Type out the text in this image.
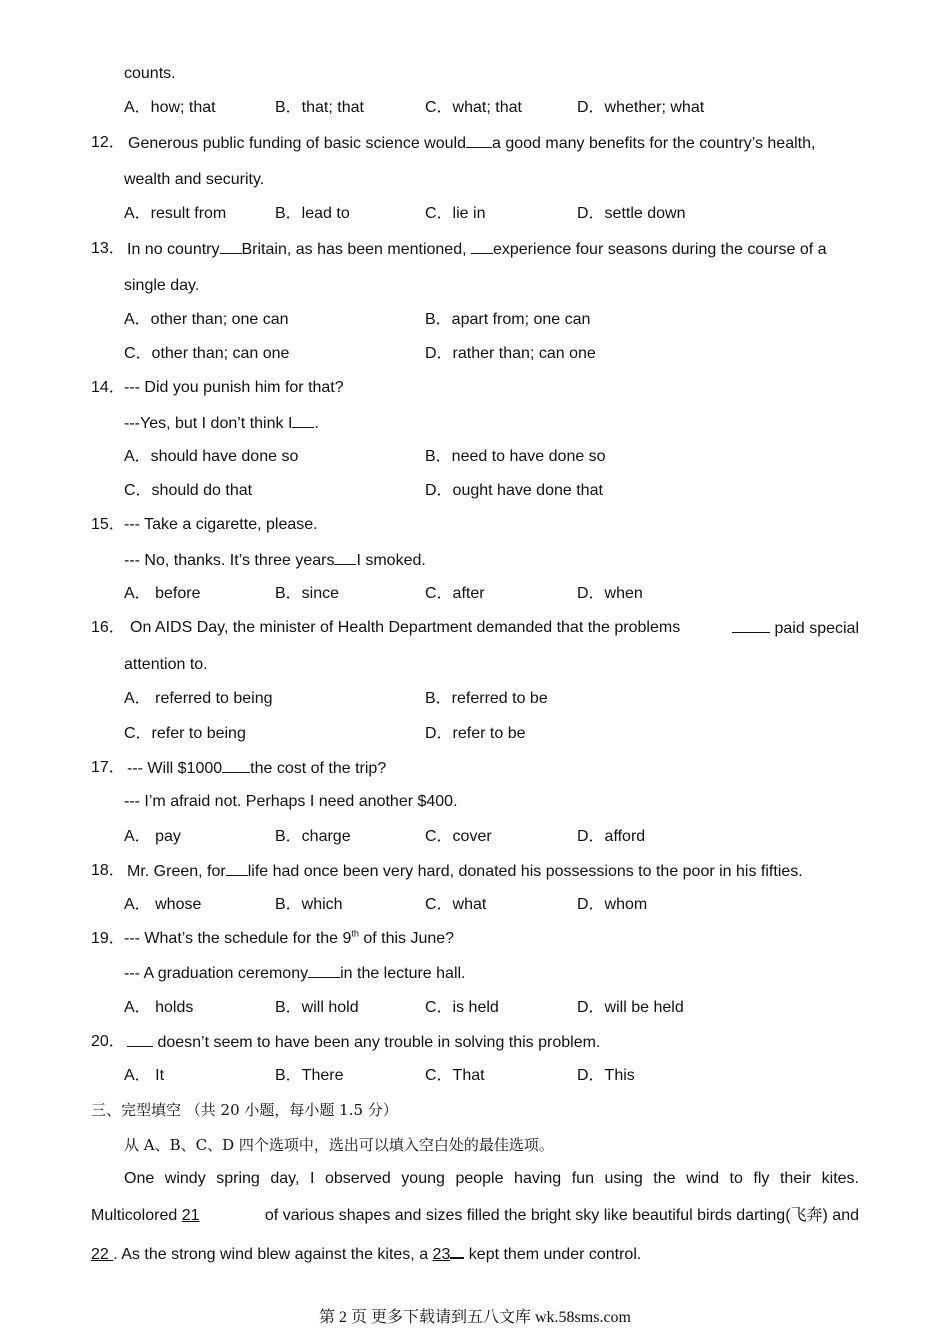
counts.
A．how; that	B．that; that	C．what; that	D．whether; what
12． Generous public funding of basic science would a good many benefits for the country’s health,
wealth and security.
A．result from	B．lead to	C．lie in	D．settle down
13． In no country Britain, as has been mentioned, experience four seasons during the course of a
single day.
A．other than; one can	B．apart from; one can
C．other than; can one	D．rather than; can one
14． --- Did you punish him for that?
---Yes, but I don’t think I .
A．should have done so	B．need to have done so
C．should do that	D．ought have done that
15． --- Take a cigarette, please.
--- No, thanks. It’s three years I smoked.
A． before	B．since	C．after	D．when
16． On AIDS Day, the minister of Health Department demanded that the problems	paid special
attention to.
A． referred to being	B．referred to be
C．refer to being	D．refer to be
17． --- Will $1000 the cost of the trip?
--- I’m afraid not. Perhaps I need another $400.
A． pay	B．charge	C．cover	D．afford
18． Mr. Green, for life had once been very hard, donated his possessions to the poor in his fifties.
A． whose	B．which	C．what	D．whom
19． --- What’s the schedule for the 9th of this June?
--- A graduation ceremony in the lecture hall.
A． holds	B．will hold	C．is held	D．will be held
20．	doesn’t seem to have been any trouble in solving this problem.
A． It	B．There	C．That	D．This
三、完型填空 （共 20 小题，每小题 1.5 分）
从 A、B、C、D 四个选项中，选出可以填入空白处的最佳选项。
One windy spring day, I observed young people having fun using the wind to fly their kites.
Multicolored 21	of various shapes and sizes filled the bright sky like beautiful birds darting(飞奔) and
22 . As the strong wind blew against the kites, a 23 kept them under control.
第 2 页 更多下载请到五八文库 wk.58sms.com
